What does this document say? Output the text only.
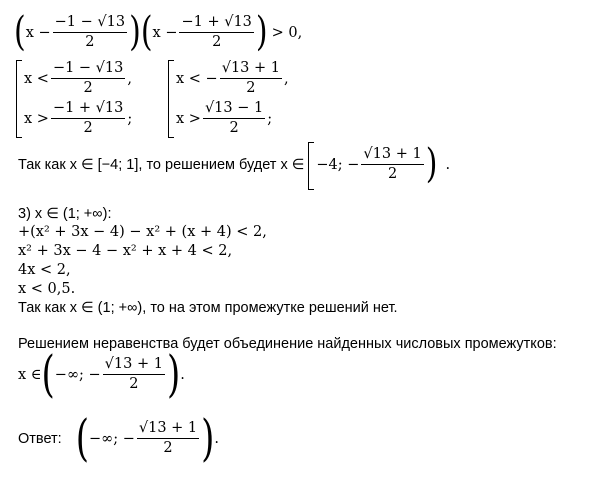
( $x - \frac{-1 - √13}{2}$ ) ( $x - \frac{-1 + √13}{2}$ ) > 0,
$x < \frac{-1 - √13}{2}$ ,
$x > \frac{-1 + √13}{2}$ ;
x < − $\frac{√13 + 1}{2}$ ,
$x > \frac{√13 - 1}{2}$ ;
Так как x ∈ [−4; 1], то решением будет x ∈ −4; − $\frac{√13 + 1}{2}$ ) .
3) x ∈ (1; +∞):
+(x² + 3x − 4) − x² + (x + 4) < 2,
x² + 3x − 4 − x² + x + 4 < 2,
4x < 2,
x < 0,5.
Так как x ∈ (1; +∞), то на этом промежутке решений нет.
Решением неравенства будет объединение найденных числовых промежутков:
x ∈ ( −∞; − $\frac{√13 + 1}{2}$ ) .
Ответ: ( −∞; − $\frac{√13 + 1}{2}$ ) .
